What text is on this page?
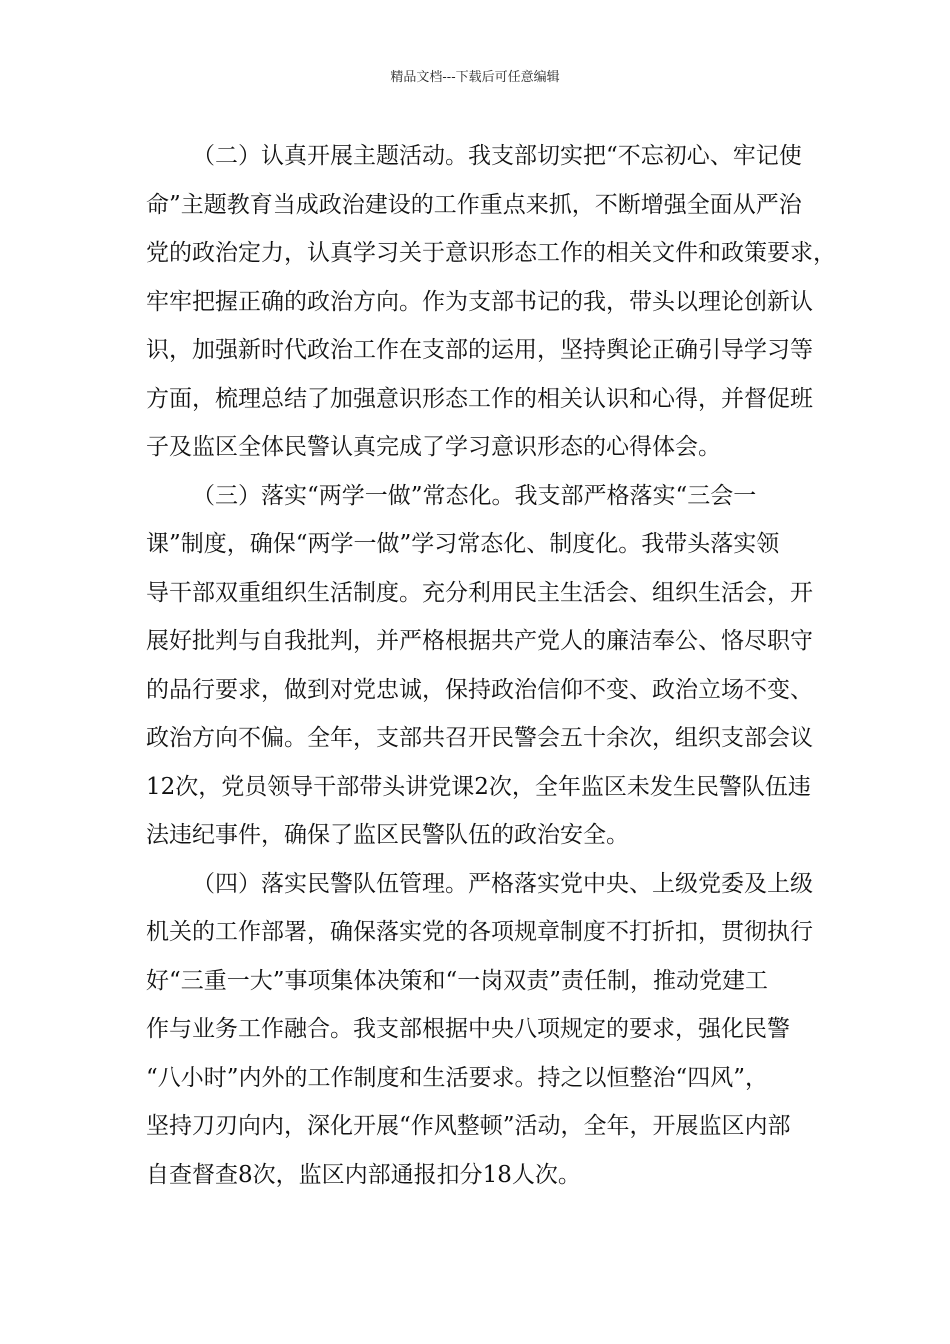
精品文档---下载后可任意编辑
（二）认真开展主题活动。我支部切实把“不忘初心、牢记使
命”主题教育当成政治建设的工作重点来抓，不断增强全面从严治
党的政治定力，认真学习关于意识形态工作的相关文件和政策要求，
牢牢把握正确的政治方向。作为支部书记的我，带头以理论创新认
识，加强新时代政治工作在支部的运用，坚持舆论正确引导学习等
方面，梳理总结了加强意识形态工作的相关认识和心得，并督促班
子及监区全体民警认真完成了学习意识形态的心得体会。
（三）落实“两学一做”常态化。我支部严格落实“三会一
课”制度，确保“两学一做”学习常态化、制度化。我带头落实领
导干部双重组织生活制度。充分利用民主生活会、组织生活会，开
展好批判与自我批判，并严格根据共产党人的廉洁奉公、恪尽职守
的品行要求，做到对党忠诚，保持政治信仰不变、政治立场不变、
政治方向不偏。全年，支部共召开民警会五十余次，组织支部会议
12次，党员领导干部带头讲党课2次，全年监区未发生民警队伍违
法违纪事件，确保了监区民警队伍的政治安全。
（四）落实民警队伍管理。严格落实党中央、上级党委及上级
机关的工作部署，确保落实党的各项规章制度不打折扣，贯彻执行
好“三重一大”事项集体决策和“一岗双责”责任制，推动党建工
作与业务工作融合。我支部根据中央八项规定的要求，强化民警
“八小时”内外的工作制度和生活要求。持之以恒整治“四风”，
坚持刀刃向内，深化开展“作风整顿”活动，全年，开展监区内部
自查督查8次，监区内部通报扣分18人次。
